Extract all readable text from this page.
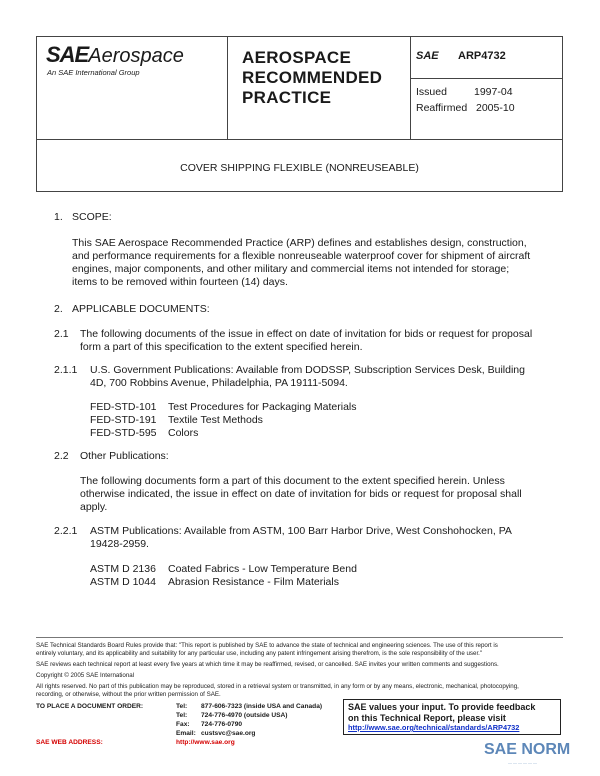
SAEAerospace
An SAE International Group
AEROSPACE
RECOMMENDED
PRACTICE
SAE ARP4732
Issued	1997-04
Reaffirmed 2005-10
COVER SHIPPING FLEXIBLE (NONREUSEABLE)
1. SCOPE:
This SAE Aerospace Recommended Practice (ARP) defines and establishes design, construction,
and performance requirements for a flexible nonreuseable waterproof cover for shipment of aircraft
engines, major components, and other military and commercial items not intended for storage;
items to be removed within fourteen (14) days.
2. APPLICABLE DOCUMENTS:
2.1 The following documents of the issue in effect on date of invitation for bids or request for proposal
form a part of this specification to the extent specified herein.
2.1.1 U.S. Government Publications: Available from DODSSP, Subscription Services Desk, Building
4D, 700 Robbins Avenue, Philadelphia, PA 19111-5094.
FED-STD-101 Test Procedures for Packaging Materials
FED-STD-191 Textile Test Methods
FED-STD-595 Colors
2.2 Other Publications:
The following documents form a part of this document to the extent specified herein. Unless
otherwise indicated, the issue in effect on date of invitation for bids or request for proposal shall
apply.
2.2.1 ASTM Publications: Available from ASTM, 100 Barr Harbor Drive, West Conshohocken, PA
19428-2959.
ASTM D 2136 Coated Fabrics - Low Temperature Bend
ASTM D 1044 Abrasion Resistance - Film Materials
SAE Technical Standards Board Rules provide that: "This report is published by SAE to advance the state of technical and engineering sciences. The use of this report is
entirely voluntary, and its applicability and suitability for any particular use, including any patent infringement arising therefrom, is the sole responsibility of the user."
SAE reviews each technical report at least every five years at which time it may be reaffirmed, revised, or cancelled. SAE invites your written comments and suggestions.
Copyright © 2005 SAE International
All rights reserved. No part of this publication may be reproduced, stored in a retrieval system or transmitted, in any form or by any means, electronic, mechanical, photocopying,
recording, or otherwise, without the prior written permission of SAE.
TO PLACE A DOCUMENT ORDER:	Tel: 877-606-7323 (inside USA and Canada)
Tel: 724-776-4970 (outside USA)
Fax: 724-776-0790
Email: custsvc@sae.org
SAE WEB ADDRESS:	http://www.sae.org
SAE values your input. To provide feedback
on this Technical Report, please visit
http://www.sae.org/technical/standards/ARP4732
SAE NORM
——————
